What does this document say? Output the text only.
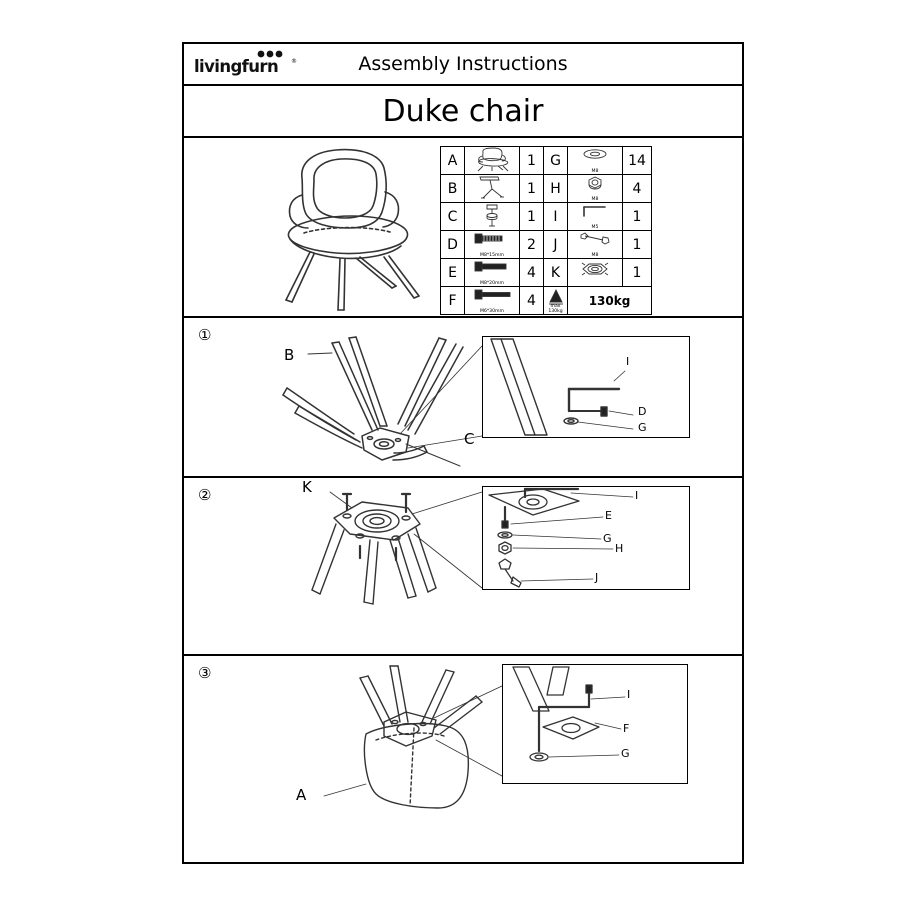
livingfurn ®	Assembly Instructions
Duke chair
A		1	G	M8	14
B		1	H	M8	4
C		1	I	M5	1
D	M8*15mm	2	J	M8	1
E	M8*20mm	4	K		1
F	M6*30mm	4	max 130kg	130kg	
①
I
D
G
B
C
②	I
E
G
H
J
K
③
I
F
G
A
